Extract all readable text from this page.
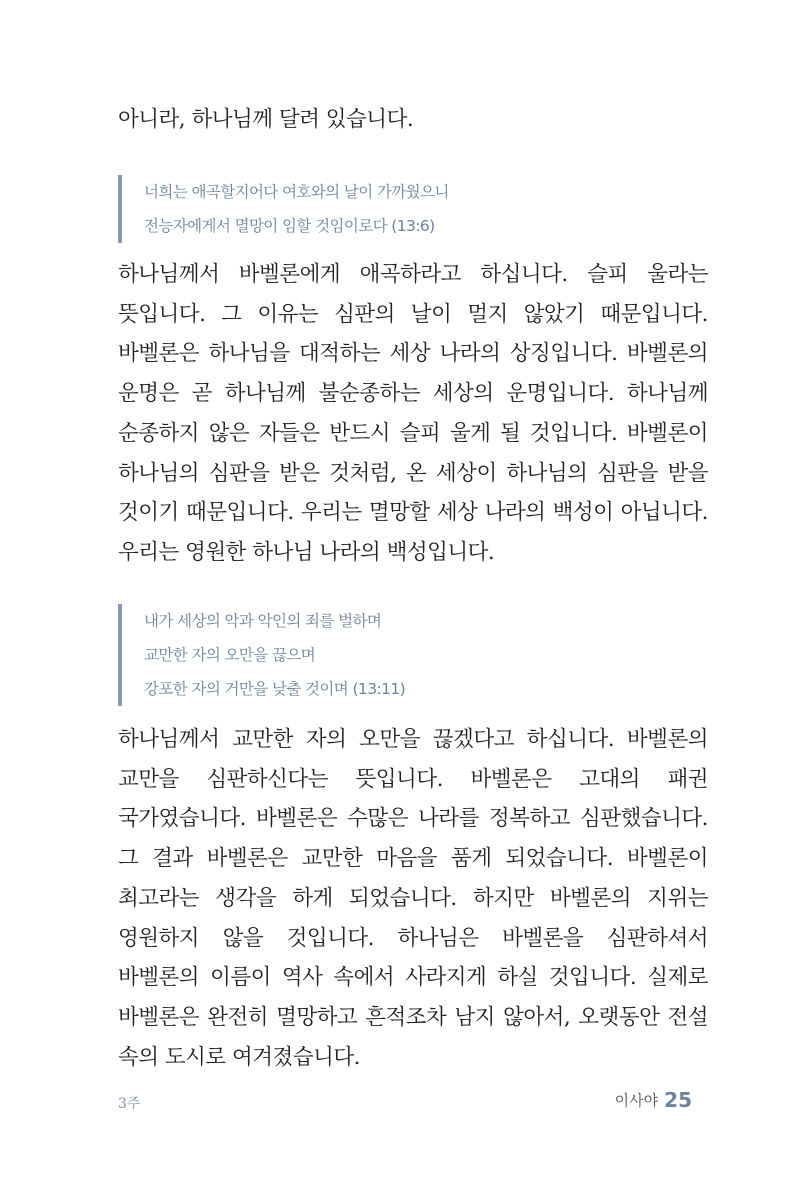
아니라, 하나님께 달려 있습니다.

너희는 애곡할지어다 여호와의 날이 가까웠으니
전능자에게서 멸망이 임할 것임이로다 (13:6)

하나님께서 바벨론에게 애곡하라고 하십니다. 슬피 울라는 뜻입니다. 그 이유는 심판의 날이 멀지 않았기 때문입니다. 바벨론은 하나님을 대적하는 세상 나라의 상징입니다. 바벨론의 운명은 곧 하나님께 불순종하는 세상의 운명입니다. 하나님께 순종하지 않은 자들은 반드시 슬피 울게 될 것입니다. 바벨론이 하나님의 심판을 받은 것처럼, 온 세상이 하나님의 심판을 받을 것이기 때문입니다. 우리는 멸망할 세상 나라의 백성이 아닙니다. 우리는 영원한 하나님 나라의 백성입니다.

내가 세상의 악과 악인의 죄를 벌하며
교만한 자의 오만을 끊으며
강포한 자의 거만을 낮출 것이며 (13:11)

하나님께서 교만한 자의 오만을 끊겠다고 하십니다. 바벨론의 교만을 심판하신다는 뜻입니다. 바벨론은 고대의 패권 국가였습니다. 바벨론은 수많은 나라를 정복하고 심판했습니다. 그 결과 바벨론은 교만한 마음을 품게 되었습니다. 바벨론이 최고라는 생각을 하게 되었습니다. 하지만 바벨론의 지위는 영원하지 않을 것입니다. 하나님은 바벨론을 심판하셔서 바벨론의 이름이 역사 속에서 사라지게 하실 것입니다. 실제로 바벨론은 완전히 멸망하고 흔적조차 남지 않아서, 오랫동안 전설 속의 도시로 여겨졌습니다.

3주	이사야 25
